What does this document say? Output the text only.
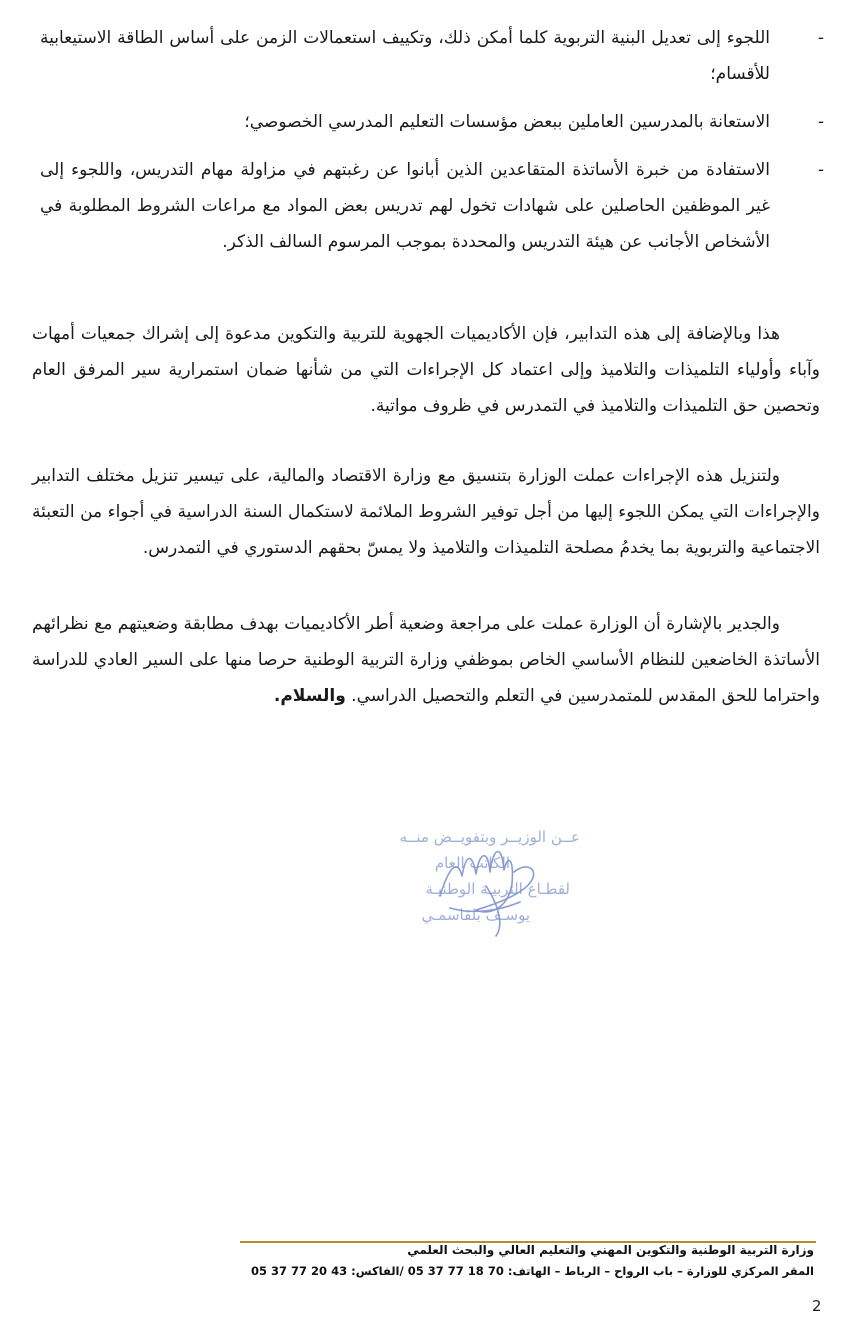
-
اللجوء إلى تعديل البنية التربوية كلما أمكن ذلك، وتكييف استعمالات الزمن على أساس الطاقة الاستيعابية للأقسام؛
-
الاستعانة بالمدرسين العاملين ببعض مؤسسات التعليم المدرسي الخصوصي؛
-
الاستفادة من خبرة الأساتذة المتقاعدين الذين أبانوا عن رغبتهم في مزاولة مهام التدريس، واللجوء إلى غير الموظفين الحاصلين على شهادات تخول لهم تدريس بعض المواد مع مراعات الشروط المطلوبة في الأشخاص الأجانب عن هيئة التدريس والمحددة بموجب المرسوم السالف الذكر.

هذا وبالإضافة إلى هذه التدابير، فإن الأكاديميات الجهوية للتربية والتكوين مدعوة إلى إشراك جمعيات أمهات وآباء وأولياء التلميذات والتلاميذ وإلى اعتماد كل الإجراءات التي من شأنها ضمان استمرارية سير المرفق العام وتحصين حق التلميذات والتلاميذ في التمدرس في ظروف مواتية.

ولتنزيل هذه الإجراءات عملت الوزارة بتنسيق مع وزارة الاقتصاد والمالية، على تيسير تنزيل مختلف التدابير والإجراءات التي يمكن اللجوء إليها من أجل توفير الشروط الملائمة لاستكمال السنة الدراسية في أجواء من التعبئة الاجتماعية والتربوية بما يخدمُ مصلحة التلميذات والتلاميذ ولا يمسّ بحقهم الدستوري في التمدرس.

والجدير بالإشارة أن الوزارة عملت على مراجعة وضعية أطر الأكاديميات بهدف مطابقة وضعيتهم مع نظرائهم الأساتذة الخاضعين للنظام الأساسي الخاص بموظفي وزارة التربية الوطنية حرصا منها على السير العادي للدراسة واحتراما للحق المقدس للمتمدرسين في التعلم والتحصيل الدراسي. والسلام.

عــن الوزيــر وبتفويــض منــه
الكاتب العام
لقطـاع التربيـة الوطنيـة
يوسـف بلقاسمـي
وزارة التربية الوطنية والتكوين المهني والتعليم العالي والبحث العلمي
المقر المركزي للوزارة – باب الرواح – الرباط – الهاتف: 70 18 77 37 05 /الفاكس: 43 20 77 37 05
2
